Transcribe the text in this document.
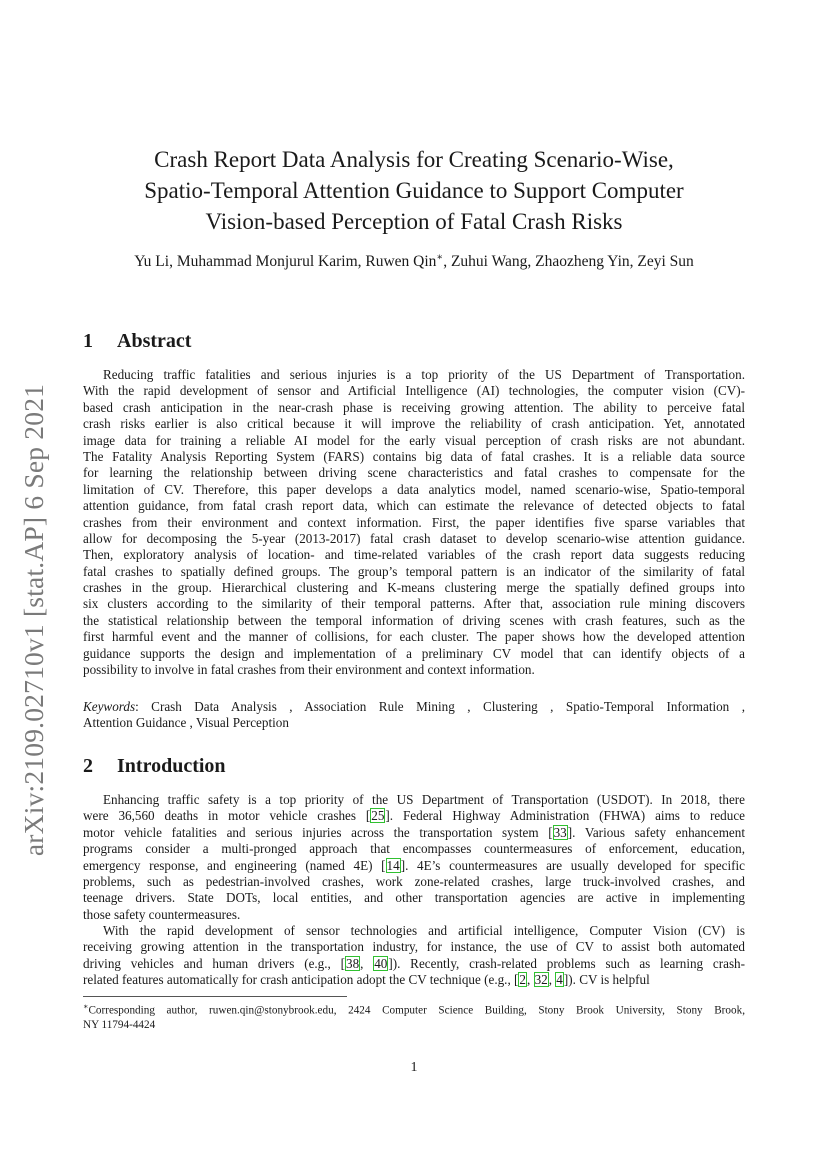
arXiv:2109.02710v1 [stat.AP] 6 Sep 2021
Crash Report Data Analysis for Creating Scenario-Wise,
Spatio-Temporal Attention Guidance to Support Computer
Vision-based Perception of Fatal Crash Risks
Yu Li, Muhammad Monjurul Karim, Ruwen Qin∗, Zuhui Wang, Zhaozheng Yin, Zeyi Sun
1 Abstract
Reducing traffic fatalities and serious injuries is a top priority of the US Department of Transportation.
With the rapid development of sensor and Artificial Intelligence (AI) technologies, the computer vision (CV)-
based crash anticipation in the near-crash phase is receiving growing attention. The ability to perceive fatal
crash risks earlier is also critical because it will improve the reliability of crash anticipation. Yet, annotated
image data for training a reliable AI model for the early visual perception of crash risks are not abundant.
The Fatality Analysis Reporting System (FARS) contains big data of fatal crashes. It is a reliable data source
for learning the relationship between driving scene characteristics and fatal crashes to compensate for the
limitation of CV. Therefore, this paper develops a data analytics model, named scenario-wise, Spatio-temporal
attention guidance, from fatal crash report data, which can estimate the relevance of detected objects to fatal
crashes from their environment and context information. First, the paper identifies five sparse variables that
allow for decomposing the 5-year (2013-2017) fatal crash dataset to develop scenario-wise attention guidance.
Then, exploratory analysis of location- and time-related variables of the crash report data suggests reducing
fatal crashes to spatially defined groups. The group’s temporal pattern is an indicator of the similarity of fatal
crashes in the group. Hierarchical clustering and K-means clustering merge the spatially defined groups into
six clusters according to the similarity of their temporal patterns. After that, association rule mining discovers
the statistical relationship between the temporal information of driving scenes with crash features, such as the
first harmful event and the manner of collisions, for each cluster. The paper shows how the developed attention
guidance supports the design and implementation of a preliminary CV model that can identify objects of a
possibility to involve in fatal crashes from their environment and context information.
Keywords: Crash Data Analysis , Association Rule Mining , Clustering , Spatio-Temporal Information ,
Attention Guidance , Visual Perception
2 Introduction
Enhancing traffic safety is a top priority of the US Department of Transportation (USDOT). In 2018, there
were 36,560 deaths in motor vehicle crashes [25]. Federal Highway Administration (FHWA) aims to reduce
motor vehicle fatalities and serious injuries across the transportation system [33]. Various safety enhancement
programs consider a multi-pronged approach that encompasses countermeasures of enforcement, education,
emergency response, and engineering (named 4E) [14]. 4E’s countermeasures are usually developed for specific
problems, such as pedestrian-involved crashes, work zone-related crashes, large truck-involved crashes, and
teenage drivers. State DOTs, local entities, and other transportation agencies are active in implementing
those safety countermeasures.
With the rapid development of sensor technologies and artificial intelligence, Computer Vision (CV) is
receiving growing attention in the transportation industry, for instance, the use of CV to assist both automated
driving vehicles and human drivers (e.g., [38, 40]). Recently, crash-related problems such as learning crash-
related features automatically for crash anticipation adopt the CV technique (e.g., [2, 32, 4]). CV is helpful
∗Corresponding author, ruwen.qin@stonybrook.edu, 2424 Computer Science Building, Stony Brook University, Stony Brook,
NY 11794-4424
1
